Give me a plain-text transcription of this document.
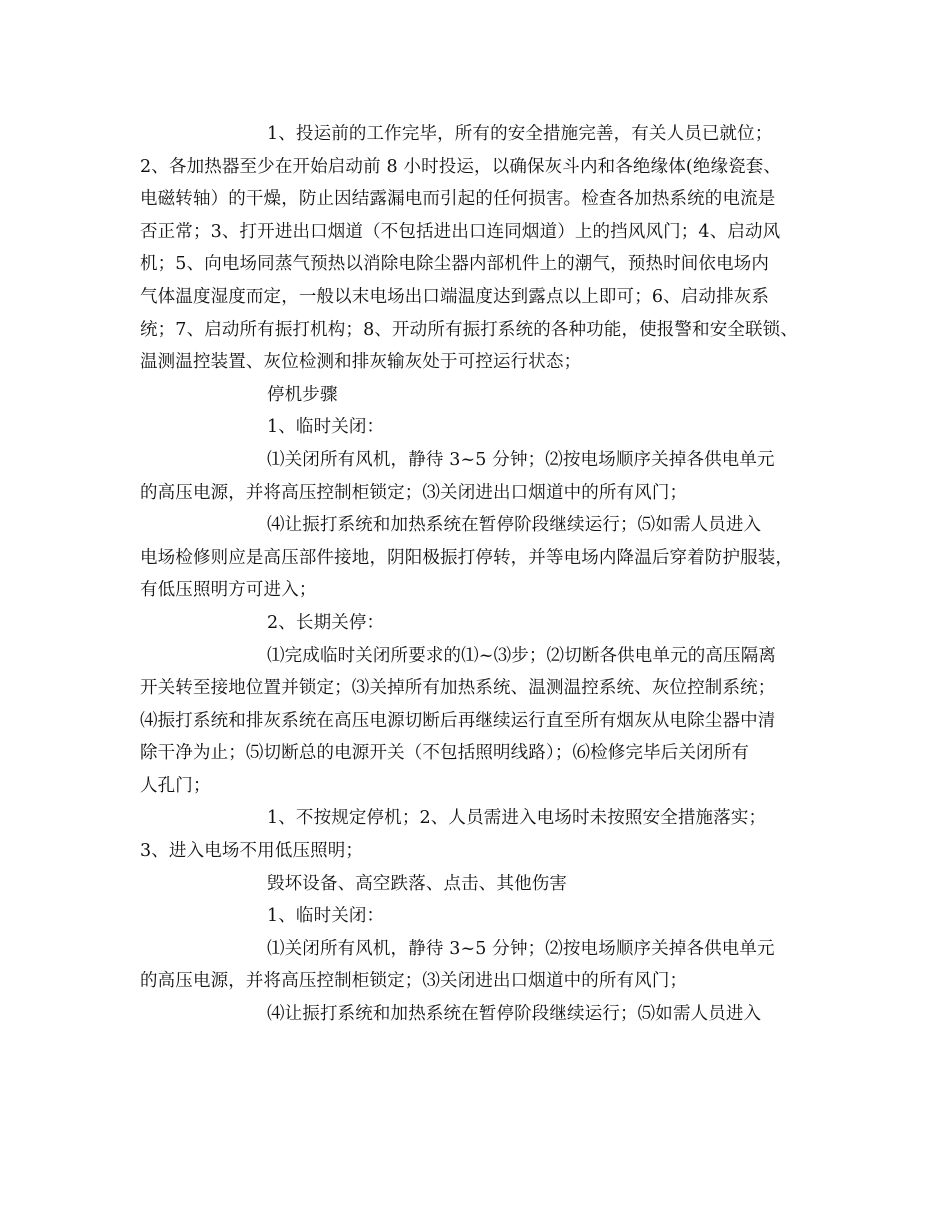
1、投运前的工作完毕，所有的安全措施完善，有关人员已就位；
2、各加热器至少在开始启动前 8 小时投运，以确保灰斗内和各绝缘体(绝缘瓷套、
电磁转轴）的干燥，防止因结露漏电而引起的任何损害。检查各加热系统的电流是
否正常；3、打开进出口烟道（不包括进出口连同烟道）上的挡风风门；4、启动风
机；5、向电场同蒸气预热以消除电除尘器内部机件上的潮气，预热时间依电场内
气体温度湿度而定，一般以末电场出口端温度达到露点以上即可；6、启动排灰系
统；7、启动所有振打机构；8、开动所有振打系统的各种功能，使报警和安全联锁、
温测温控装置、灰位检测和排灰输灰处于可控运行状态；
停机步骤
1、临时关闭：
⑴关闭所有风机，静待 3~5 分钟；⑵按电场顺序关掉各供电单元
的高压电源，并将高压控制柜锁定；⑶关闭进出口烟道中的所有风门；
⑷让振打系统和加热系统在暂停阶段继续运行；⑸如需人员进入
电场检修则应是高压部件接地，阴阳极振打停转，并等电场内降温后穿着防护服装，
有低压照明方可进入；
2、长期关停：
⑴完成临时关闭所要求的⑴~⑶步；⑵切断各供电单元的高压隔离
开关转至接地位置并锁定；⑶关掉所有加热系统、温测温控系统、灰位控制系统；
⑷振打系统和排灰系统在高压电源切断后再继续运行直至所有烟灰从电除尘器中清
除干净为止；⑸切断总的电源开关（不包括照明线路）；⑹检修完毕后关闭所有
人孔门；
1、不按规定停机；2、人员需进入电场时未按照安全措施落实；
3、进入电场不用低压照明；
毁坏设备、高空跌落、点击、其他伤害
1、临时关闭：
⑴关闭所有风机，静待 3~5 分钟；⑵按电场顺序关掉各供电单元
的高压电源，并将高压控制柜锁定；⑶关闭进出口烟道中的所有风门；
⑷让振打系统和加热系统在暂停阶段继续运行；⑸如需人员进入
